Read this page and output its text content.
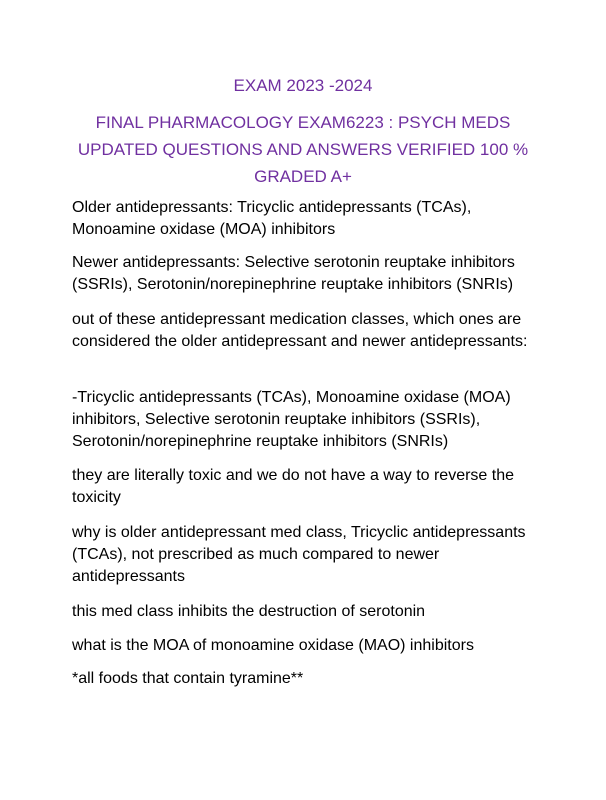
EXAM 2023 -2024
FINAL PHARMACOLOGY EXAM6223 : PSYCH MEDS UPDATED QUESTIONS AND ANSWERS VERIFIED 100 % GRADED A+
Older antidepressants: Tricyclic antidepressants (TCAs), Monoamine oxidase (MOA) inhibitors
Newer antidepressants: Selective serotonin reuptake inhibitors (SSRIs), Serotonin/norepinephrine reuptake inhibitors (SNRIs)
out of these antidepressant medication classes, which ones are considered the older antidepressant and newer antidepressants:
-Tricyclic antidepressants (TCAs), Monoamine oxidase (MOA) inhibitors, Selective serotonin reuptake inhibitors (SSRIs), Serotonin/norepinephrine reuptake inhibitors (SNRIs)
they are literally toxic and we do not have a way to reverse the toxicity
why is older antidepressant med class, Tricyclic antidepressants (TCAs), not prescribed as much compared to newer antidepressants
this med class inhibits the destruction of serotonin
what is the MOA of monoamine oxidase (MAO) inhibitors
*all foods that contain tyramine**
